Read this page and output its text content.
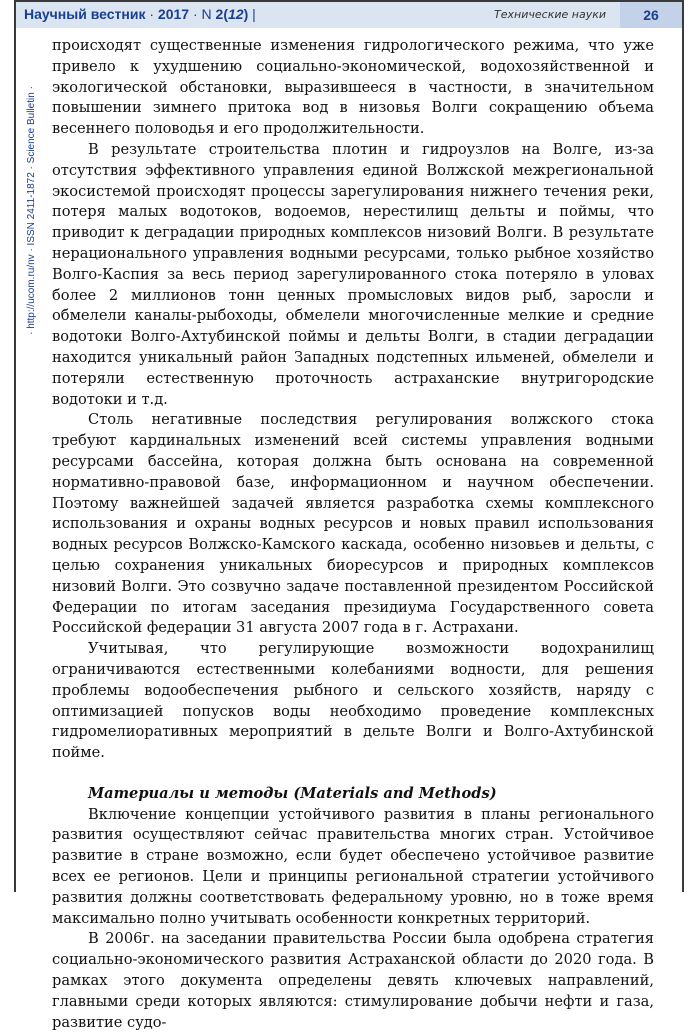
Научный вестник · 2017 · N 2(12) |	Технические науки	26
· http://ucom.ru/nv · ISSN 2411-1872 · Science Bulletin ·

происходят существенные изменения гидрологического режима, что уже привело к ухудшению социально-экономической, водохозяйственной и экологической обстановки, выразившееся в частности, в значительном повышении зимнего притока вод в низовья Волги сокращению объема весеннего половодья и его продолжительности.

В результате строительства плотин и гидроузлов на Волге, из-за отсутствия эффективного управления единой Волжской межрегиональной экосистемой происходят процессы зарегулирования нижнего течения реки, потеря малых водотоков, водоемов, нерестилищ дельты и поймы, что приводит к деградации природных комплексов низовий Волги. В результате нерационального управления водными ресурсами, только рыбное хозяйство Волго-Каспия за весь период зарегулированного стока потеряло в уловах более 2 миллионов тонн ценных промысловых видов рыб, заросли и обмелели каналы-рыбоходы, обмелели многочисленные мелкие и средние водотоки Волго-Ахтубинской поймы и дельты Волги, в стадии деградации находится уникальный район Западных подстепных ильменей, обмелели и потеряли естественную проточность астраханские внутригородские водотоки и т.д.

Столь негативные последствия регулирования волжского стока требуют кардинальных изменений всей системы управления водными ресурсами бассейна, которая должна быть основана на современной нормативно-правовой базе, информационном и научном обеспечении. Поэтому важнейшей задачей является разработка схемы комплексного использования и охраны водных ресурсов и новых правил использования водных ресурсов Волжско-Камского каскада, особенно низовьев и дельты, с целью сохранения уникальных биоресурсов и природных комплексов низовий Волги. Это созвучно задаче поставленной президентом Российской Федерации по итогам заседания президиума Государственного совета Российской федерации 31 августа 2007 года в г. Астрахани.

Учитывая, что регулирующие возможности водохранилищ ограничиваются естественными колебаниями водности, для решения проблемы водообеспечения рыбного и сельского хозяйств, наряду с оптимизацией попусков воды необходимо проведение комплексных гидромелиоративных мероприятий в дельте Волги и Волго-Ахтубинской пойме.

Материалы и методы (Materials and Methods)

Включение концепции устойчивого развития в планы регионального развития осуществляют сейчас правительства многих стран. Устойчивое развитие в стране возможно, если будет обеспечено устойчивое развитие всех ее регионов. Цели и принципы региональной стратегии устойчивого развития должны соответствовать федеральному уровню, но в тоже время максимально полно учитывать особенности конкретных территорий.

В 2006г. на заседании правительства России была одобрена стратегия социально-экономического развития Астраханской области до 2020 года. В рамках этого документа определены девять ключевых направлений, главными среди которых являются: стимулирование добычи нефти и газа, развитие судо-
